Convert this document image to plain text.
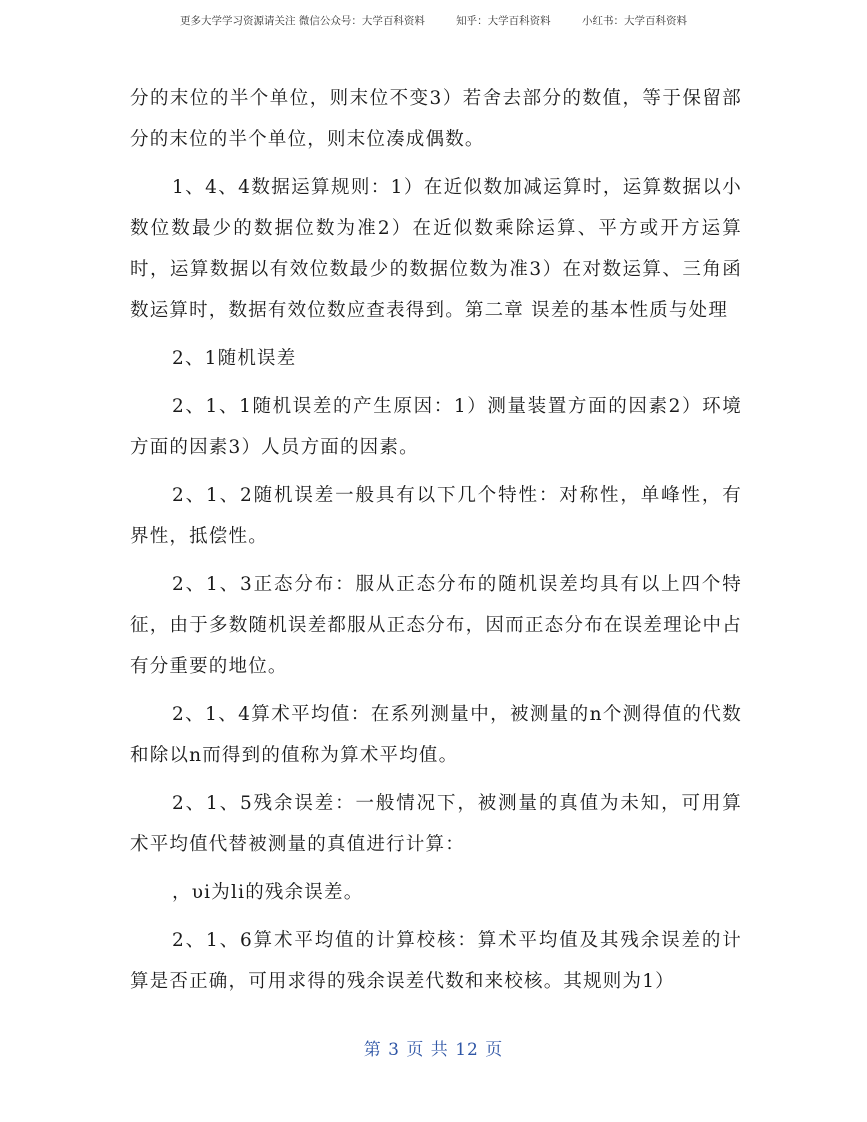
更多大学学习资源请关注 微信公众号：大学百科资料	知乎：大学百科资料	小红书：大学百科资料

分的末位的半个单位，则末位不变3）若舍去部分的数值，等于保留部分的末位的半个单位，则末位凑成偶数。

1、4、4数据运算规则：1）在近似数加减运算时，运算数据以小数位数最少的数据位数为准2）在近似数乘除运算、平方或开方运算时，运算数据以有效位数最少的数据位数为准3）在对数运算、三角函数运算时，数据有效位数应查表得到。第二章 误差的基本性质与处理

2、1随机误差

2、1、1随机误差的产生原因：1）测量装置方面的因素2）环境方面的因素3）人员方面的因素。

2、1、2随机误差一般具有以下几个特性：对称性，单峰性，有界性，抵偿性。

2、1、3正态分布：服从正态分布的随机误差均具有以上四个特征，由于多数随机误差都服从正态分布，因而正态分布在误差理论中占有分重要的地位。

2、1、4算术平均值：在系列测量中，被测量的n个测得值的代数和除以n而得到的值称为算术平均值。

2、1、5残余误差：一般情况下，被测量的真值为未知，可用算术平均值代替被测量的真值进行计算：

，υi为li的残余误差。

2、1、6算术平均值的计算校核：算术平均值及其残余误差的计算是否正确，可用求得的残余误差代数和来校核。其规则为1）

第 3 页 共 12 页
